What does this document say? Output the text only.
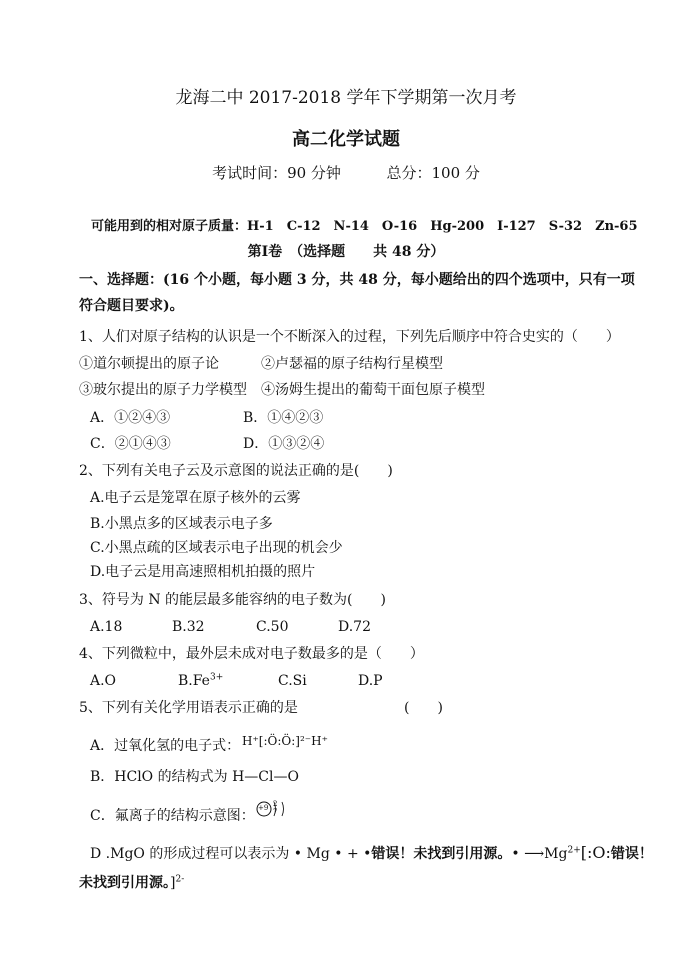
龙海二中 2017-2018 学年下学期第一次月考
高二化学试题
考试时间：90 分钟	总分：100 分
可能用到的相对原子质量：H-1　C-12　N-14　O-16　Hg-200　I-127　S-32　Zn-65
第Ⅰ卷　（选择题　　共 48 分）
一、选择题：(16 个小题，每小题 3 分，共 48 分，每小题给出的四个选项中，只有一项
符合题目要求)。
1、人们对原子结构的认识是一个不断深入的过程，下列先后顺序中符合史实的（　　）
①道尔顿提出的原子论	②卢瑟福的原子结构行星模型
③玻尔提出的原子力学模型 ④汤姆生提出的葡萄干面包原子模型
A．①②④③	B．①④②③
C．②①④③	D．①③②④
2、下列有关电子云及示意图的说法正确的是(　　)
A.电子云是笼罩在原子核外的云雾
B.小黑点多的区域表示电子多
C.小黑点疏的区域表示电子出现的机会少
D.电子云是用高速照相机拍摄的照片
3、符号为 N 的能层最多能容纳的电子数为(　　)
A.18	B.32	C.50	D.72
4、下列微粒中，最外层未成对电子数最多的是（　　）
A.O	$B.Fe^{3+}$	C.Si	D.P
5、下列有关化学用语表示正确的是	(　　)
A．过氧化氢的电子式： H⁺[:Ö:Ö:]²⁻H⁺
B．HClO 的结构式为 H—Cl—O
C．氟离子的结构示意图： +9 2 7
D .MgO 的形成过程可以表示为 • Mg • + •错误！未找到引用源。• $⟶Mg^{2+}[:O$:错误！
未找到引用源。]$^{2-}$
